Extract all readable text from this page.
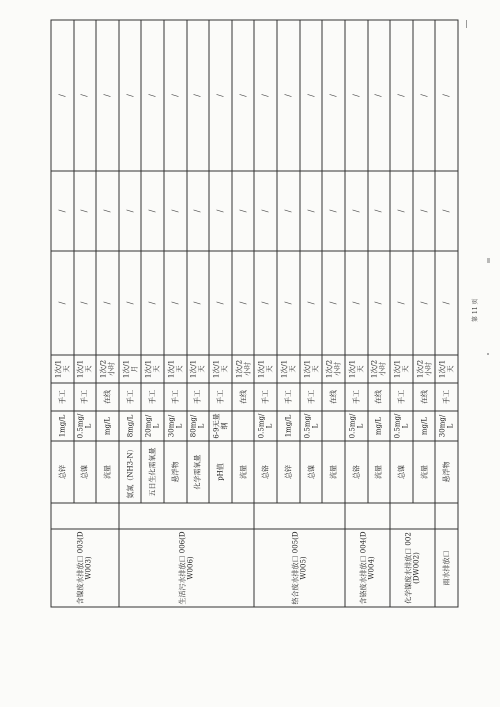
含镍废水排放口 003(DW003)		总锌	1mg/L	手工	1次/1天	/	/	/
		总镍	0.5mg/L	手工	1次/1天	/	/	/
		流量	mg/L	在线	1次/2小时	/	/	/
生活污水排放口 006(DW006)		氨氮（NH3-N）	8mg/L	手工	1次/1月	/	/	/
		五日生化需氧量	20mg/L	手工	1次/1天	/	/	/
		悬浮物	30mg/L	手工	1次/1天	/	/	/
		化学需氧量	80mg/L	手工	1次/1天	/	/	/
		pH值	6-9无量纲	手工	1次/1天	/	/	/
		流量		在线	1次/2小时	/	/	/
络合废水排放口 005(DW005)		总铬	0.5mg/L	手工	1次/1天	/	/	/
		总锌	1mg/L	手工	1次/1天	/	/	/
		总镍	0.5mg/L	手工	1次/1天	/	/	/
		流量		在线	1次/2小时	/	/	/
含铬废水排放口 004(DW004)		总铬	0.5mg/L	手工	1次/1天	/	/	/
		流量	mg/L	在线	1次/2小时	/	/	/
化学镍废水排放口 002(DW002)		总镍	0.5mg/L	手工	1次/1天	/	/	/
		流量	mg/L	在线	1次/2小时	/	/	/
雨水排放口		悬浮物	30mg/L	手工	1次/1天	/	/	/
第 11 页
